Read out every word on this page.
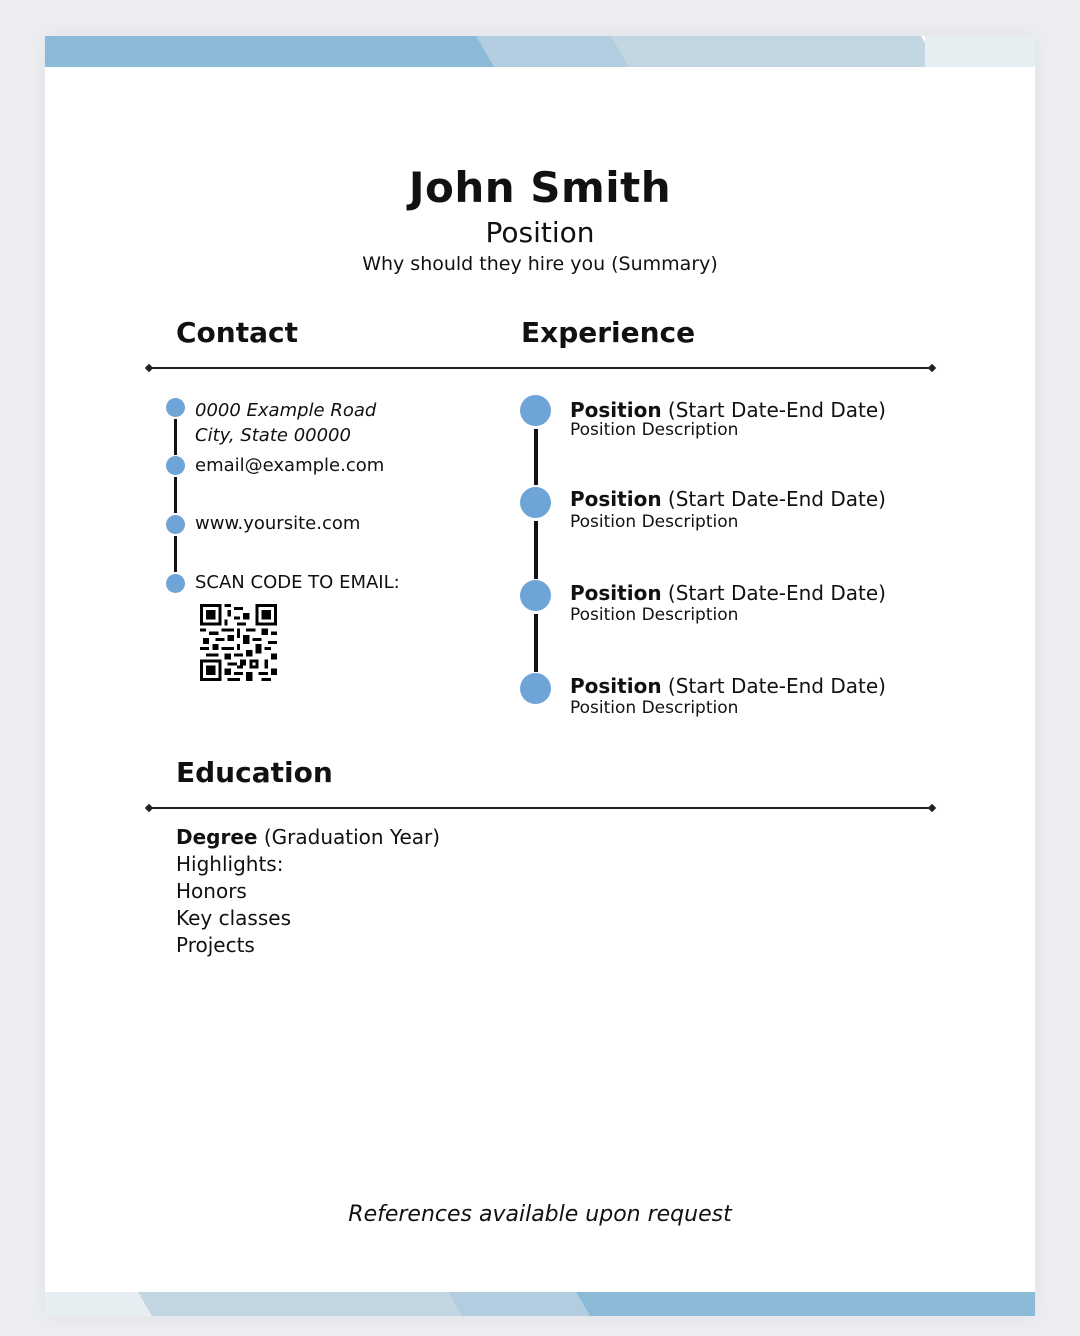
John Smith
Position
Why should they hire you (Summary)
Contact	Experience
0000 Example Road
City, State 00000
email@example.com
www.yoursite.com
SCAN CODE TO EMAIL:
Position (Start Date-End Date)
Position Description
Position (Start Date-End Date)
Position Description
Position (Start Date-End Date)
Position Description
Position (Start Date-End Date)
Position Description
Education
Degree (Graduation Year)
Highlights:
Honors
Key classes
Projects
References available upon request
